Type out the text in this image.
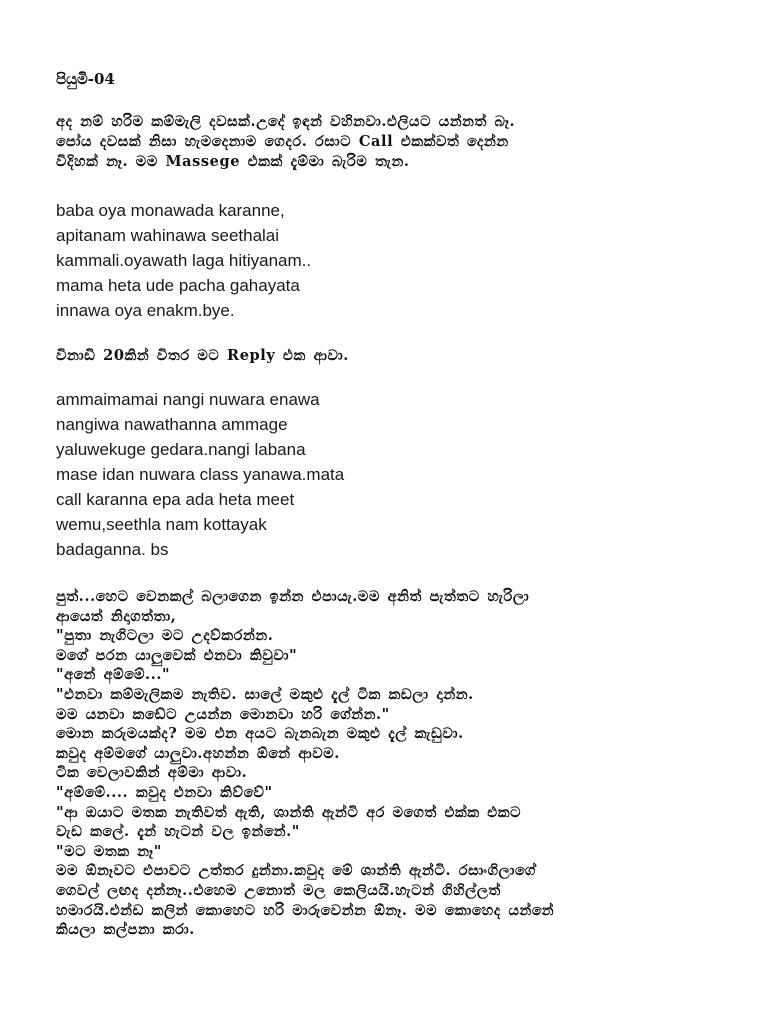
පියුමි-04
අද නම් හරිම කම්මැලි දවසක්.උදේ ඉඳන් වහිනවා.එලියට යන්නත් බෑ.
පෝය දවසක් නිසා හැමදෙනාම ගෙදර. රසාට Call එකක්වත් දෙන්න
විදිහක් නෑ. මම Massege එකක් දැම්මා බැරිම තැන.
baba oya monawada karanne,
apitanam wahinawa seethalai
kammali.oyawath laga hitiyanam..
mama heta ude pacha gahayata
innawa oya enakm.bye.
විනාඩි 20කින් විතර මට Reply එක ආවා.
ammaimamai nangi nuwara enawa
nangiwa nawathanna ammage
yaluwekuge gedara.nangi labana
mase idan nuwara class yanawa.mata
call karanna epa ada heta meet
wemu,seethla nam kottayak
badaganna. bs
පුත්...හෙට වෙනකල් බලාගෙන ඉන්න එපායැ.මම අනිත් පැත්තට හැරිලා
ආයෙත් නිදාගත්තා,
"පුතා නැගිටලා මට උදව්කරන්න.
මගේ පරන යාලුවෙක් එනවා කිවුවා"
"අනේ අම්මේ..."
"එනවා කම්මැලිකම නැතිව. සාලේ මකුළු දැල් ටික කඩලා දාන්න.
මම යනවා කඩේට උයන්න මොනවා හරි ගේන්න."
මොන කරුමයක්ද? මම එන අයට බැනබැන මකුළු දැල් කැඩුවා.
කවුද අම්මගේ යාලුවා.අහන්න ඕනේ ආවම.
ටික වෙලාවකින් අම්මා ආවා.
"අම්මේ.... කවුද එනවා කිව්වේ"
"ආ ඔයාට මතක නැතිවත් ඇති, ශාන්ති ඇන්ටි අර මගෙත් එක්ක එකට
වැඩ කලේ. දැන් හැටන් වල ඉන්නේ."
"මට මතක නෑ"
මම ඕනෑවට එපාවට උත්තර දුන්නා.කවුද මේ ශාන්ති ඇන්ටි. රසාංගිලාගේ
ගෙවල් ලඟද දන්නෑ..එහෙම උනොත් මල කෙලියයි.හැටන් ගිහිල්ලත්
හමාරයි.එන්ඩ කලින් කොහෙට හරි මාරුවෙන්න ඕනෑ. මම කොහෙද යන්නේ
කියලා කල්පනා කරා.
